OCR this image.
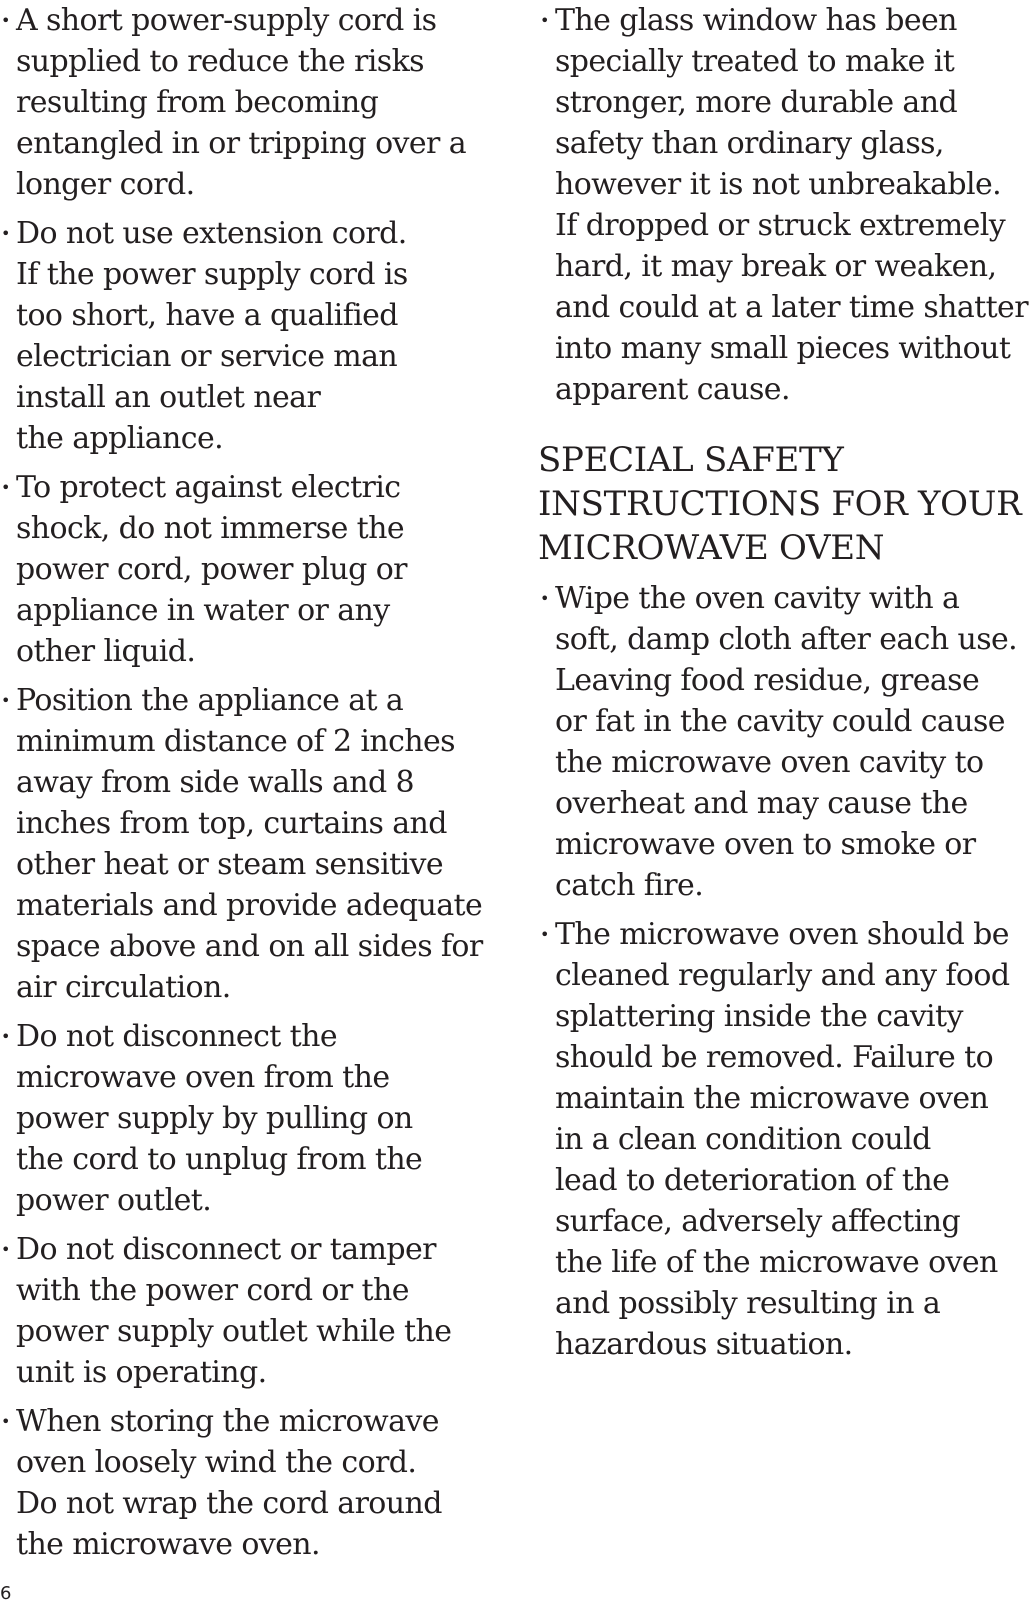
• A short power-supply cord is
supplied to reduce the risks
resulting from becoming
entangled in or tripping over a
longer cord.
• Do not use extension cord.
If the power supply cord is
too short, have a qualified
electrician or service man
install an outlet near
the appliance.
• To protect against electric
shock, do not immerse the
power cord, power plug or
appliance in water or any
other liquid.
• Position the appliance at a
minimum distance of 2 inches
away from side walls and 8
inches from top, curtains and
other heat or steam sensitive
materials and provide adequate
space above and on all sides for
air circulation.
• Do not disconnect the
microwave oven from the
power supply by pulling on
the cord to unplug from the
power outlet.
• Do not disconnect or tamper
with the power cord or the
power supply outlet while the
unit is operating.
• When storing the microwave
oven loosely wind the cord.
Do not wrap the cord around
the microwave oven.
• The glass window has been
specially treated to make it
stronger, more durable and
safety than ordinary glass,
however it is not unbreakable.
If dropped or struck extremely
hard, it may break or weaken,
and could at a later time shatter
into many small pieces without
apparent cause.
SPECIAL SAFETY
INSTRUCTIONS FOR YOUR
MICROWAVE OVEN
• Wipe the oven cavity with a
soft, damp cloth after each use.
Leaving food residue, grease
or fat in the cavity could cause
the microwave oven cavity to
overheat and may cause the
microwave oven to smoke or
catch fire.
• The microwave oven should be
cleaned regularly and any food
splattering inside the cavity
should be removed. Failure to
maintain the microwave oven
in a clean condition could
lead to deterioration of the
surface, adversely affecting
the life of the microwave oven
and possibly resulting in a
hazardous situation.
6
